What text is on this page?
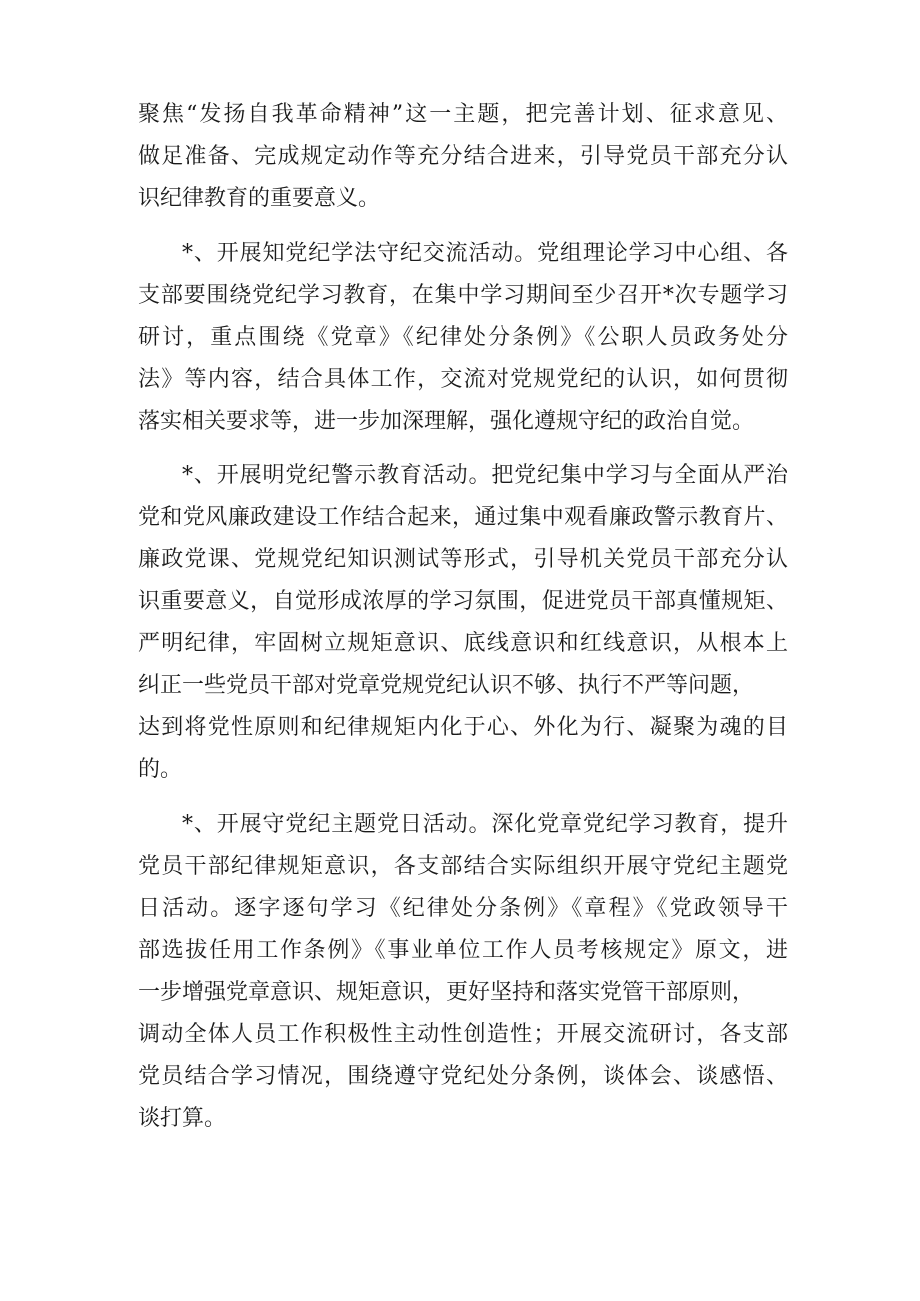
聚焦“发扬自我革命精神”这一主题，把完善计划、征求意见、
做足准备、完成规定动作等充分结合进来，引导党员干部充分认
识纪律教育的重要意义。
*、开展知党纪学法守纪交流活动。党组理论学习中心组、各
支部要围绕党纪学习教育，在集中学习期间至少召开*次专题学习
研讨，重点围绕《党章》《纪律处分条例》《公职人员政务处分
法》等内容，结合具体工作，交流对党规党纪的认识，如何贯彻
落实相关要求等，进一步加深理解，强化遵规守纪的政治自觉。
*、开展明党纪警示教育活动。把党纪集中学习与全面从严治
党和党风廉政建设工作结合起来，通过集中观看廉政警示教育片、
廉政党课、党规党纪知识测试等形式，引导机关党员干部充分认
识重要意义，自觉形成浓厚的学习氛围，促进党员干部真懂规矩、
严明纪律，牢固树立规矩意识、底线意识和红线意识，从根本上
纠正一些党员干部对党章党规党纪认识不够、执行不严等问题，
达到将党性原则和纪律规矩内化于心、外化为行、凝聚为魂的目
的。
*、开展守党纪主题党日活动。深化党章党纪学习教育，提升
党员干部纪律规矩意识，各支部结合实际组织开展守党纪主题党
日活动。逐字逐句学习《纪律处分条例》《章程》《党政领导干
部选拔任用工作条例》《事业单位工作人员考核规定》原文，进
一步增强党章意识、规矩意识，更好坚持和落实党管干部原则，
调动全体人员工作积极性主动性创造性；开展交流研讨，各支部
党员结合学习情况，围绕遵守党纪处分条例，谈体会、谈感悟、
谈打算。
